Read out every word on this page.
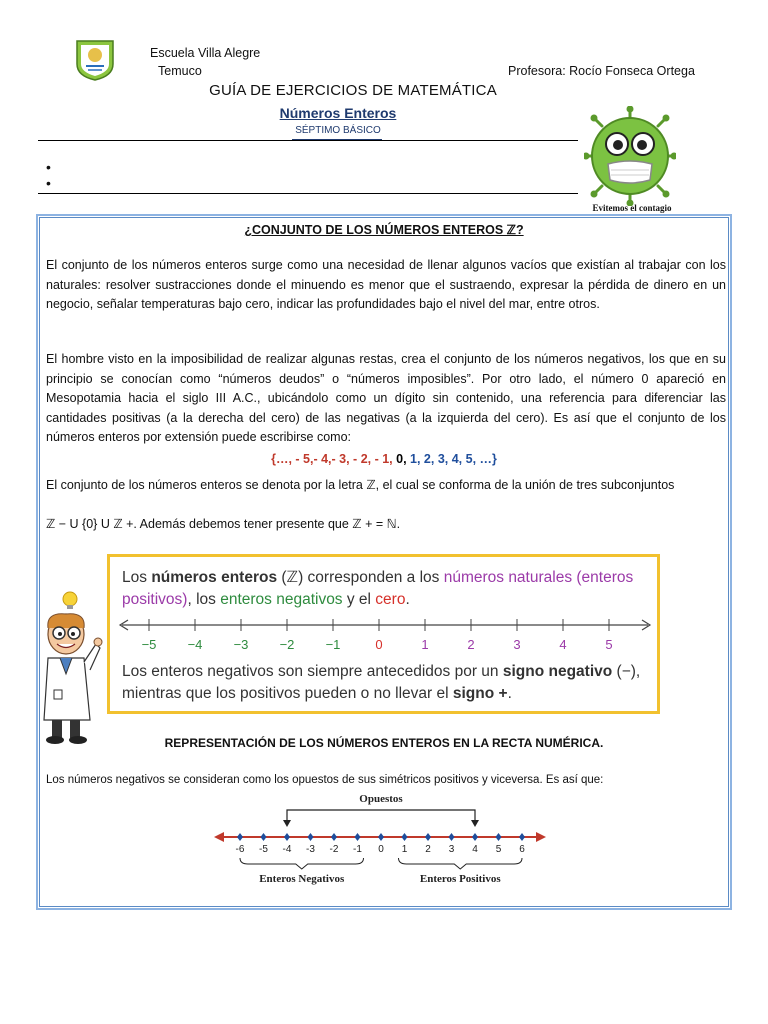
Escuela Villa Alegre
Temuco	Profesora: Rocío Fonseca Ortega
GUÍA DE EJERCICIOS DE MATEMÁTICA
Números Enteros
SÉPTIMO BÁSICO
•
•
Evitemos el contagio
¿CONJUNTO DE LOS NÚMEROS ENTEROS ℤ?

El conjunto de los números enteros surge como una necesidad de llenar algunos vacíos que existían al trabajar con los naturales: resolver sustracciones donde el minuendo es menor que el sustraendo, expresar la pérdida de dinero en un negocio, señalar temperaturas bajo cero, indicar las profundidades bajo el nivel del mar, entre otros.

El hombre visto en la imposibilidad de realizar algunas restas, crea el conjunto de los números negativos, los que en su principio se conocían como “números deudos” o “números imposibles”. Por otro lado, el número 0 apareció en Mesopotamia hacia el siglo III A.C., ubicándolo como un dígito sin contenido, una referencia para diferenciar las cantidades positivas (a la derecha del cero) de las negativas (a la izquierda del cero). Es así que el conjunto de los números enteros por extensión puede escribirse como:

{…, - 5,- 4,- 3, - 2, - 1, 0, 1, 2, 3, 4, 5, …}

El conjunto de los números enteros se denota por la letra ℤ, el cual se conforma de la unión de tres subconjuntos

ℤ − U {0} U ℤ +. Además debemos tener presente que ℤ + = ℕ.

Los números enteros (ℤ) corresponden a los números naturales (enteros
positivos), los enteros negativos y el cero.
−5 −4 −3 −2 −1	0	1	2	3	4	5
Los enteros negativos son siempre antecedidos por un signo negativo (−),
mientras que los positivos pueden o no llevar el signo +.
REPRESENTACIÓN DE LOS NÚMEROS ENTEROS EN LA RECTA NUMÉRICA.
Los números negativos se consideran como los opuestos de sus simétricos positivos y viceversa. Es así que:
-6 -5 -4 -3 -2 -1 0 1 2 3 4 5 6
Opuestos
Enteros Negativos	Enteros Positivos
